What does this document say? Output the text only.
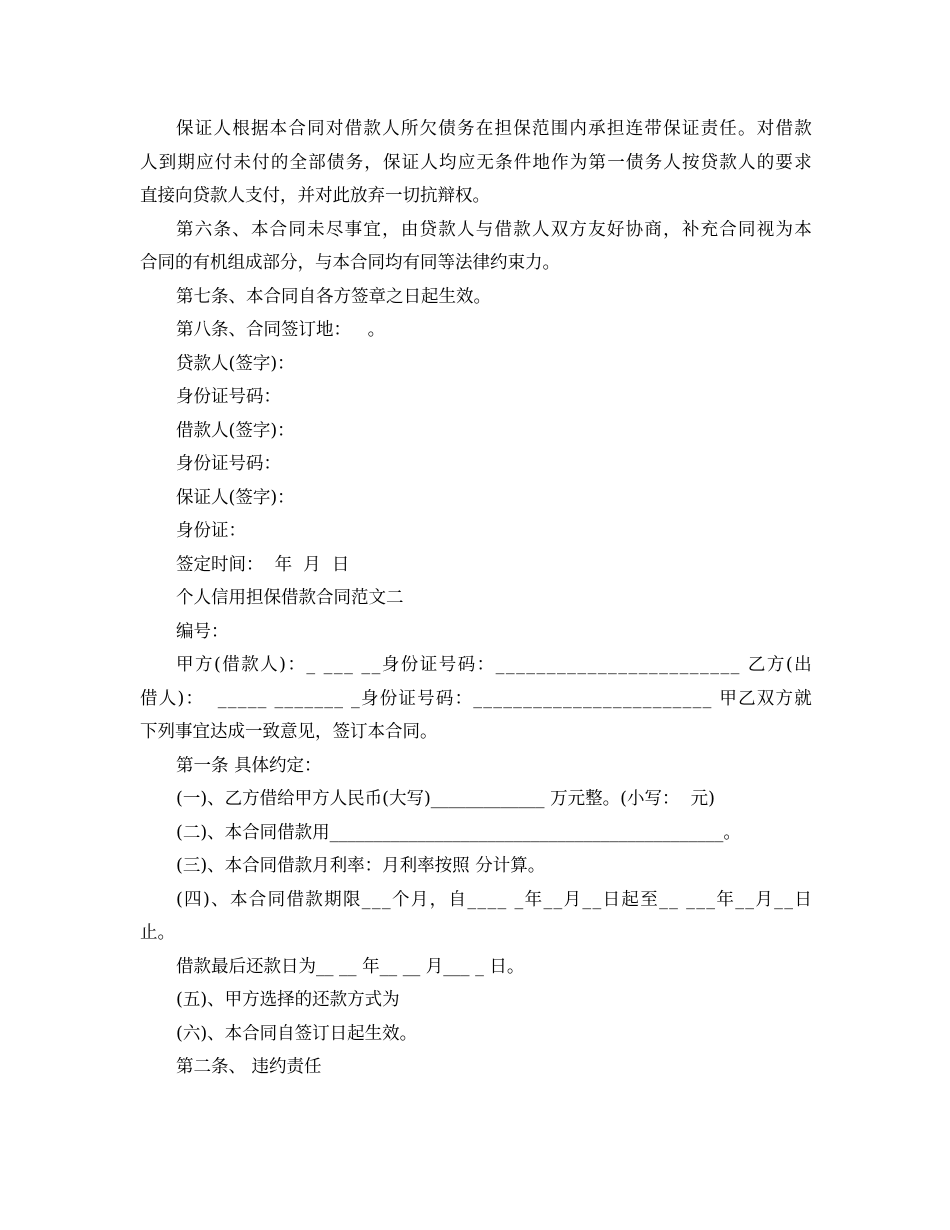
保 证 人 根 据 本 合 同 对 借 款 人 所 欠 债 务 在 担 保 范 围 内 承 担 连 带 保 证 责 任 。 对 借 款
人 到 期 应 付 未 付 的 全 部 债 务 ， 保 证 人 均 应 无 条 件 地 作 为 第 一 债 务 人 按 贷 款 人 的 要 求
直接向贷款人支付，并对此放弃一切抗辩权。
第 六 条 、 本 合 同 未 尽 事 宜 ， 由 贷 款 人 与 借 款 人 双 方 友 好 协 商 ， 补 充 合 同 视 为 本
合同的有机组成部分，与本合同均有同等法律约束力。
第七条、本合同自各方签章之日起生效。
第八条、合同签订地：   。
贷款人(签字)：
身份证号码：
借款人(签字)：
身份证号码：
保证人(签字)：
身份证：
签定时间：  年  月  日
个人信用担保借款合同范文二
编号：
甲 方 ( 借 款 人 ) ： _
_ _ _
_ _ 身 份 证 号 码 ： _ _ _ _ _ _ _ _ _ _ _ _ _ _ _ _ _ _ _ _ _ _ _ _
乙 方 ( 出
借 人 ) ：

_ _ _ _ _
_ _ _ _ _ _ _
_ 身 份 证 号 码 ： _ _ _ _ _ _ _ _ _ _ _ _ _ _ _ _ _ _ _ _ _ _ _ _
甲 乙 双 方 就
下列事宜达成一致意见，签订本合同。
第一条 具体约定：
(一)、乙方借给甲方人民币(大写)_____________ 万元整。(小写：  元)
(二)、本合同借款用_____________________________________________。
(三)、本合同借款月利率：月利率按照 分计算。
( 四 ) 、 本 合 同 借 款 期 限 _ _ _ 个 月 ， 自 _ _ _ _
_ 年 _ _ 月 _ _ 日 起 至 _ _
_ _ _ 年 _ _ 月 _ _ 日
止。
借款最后还款日为__ __ 年__ __ 月___ _ 日。
(五)、甲方选择的还款方式为
(六)、本合同自签订日起生效。
第二条、 违约责任
